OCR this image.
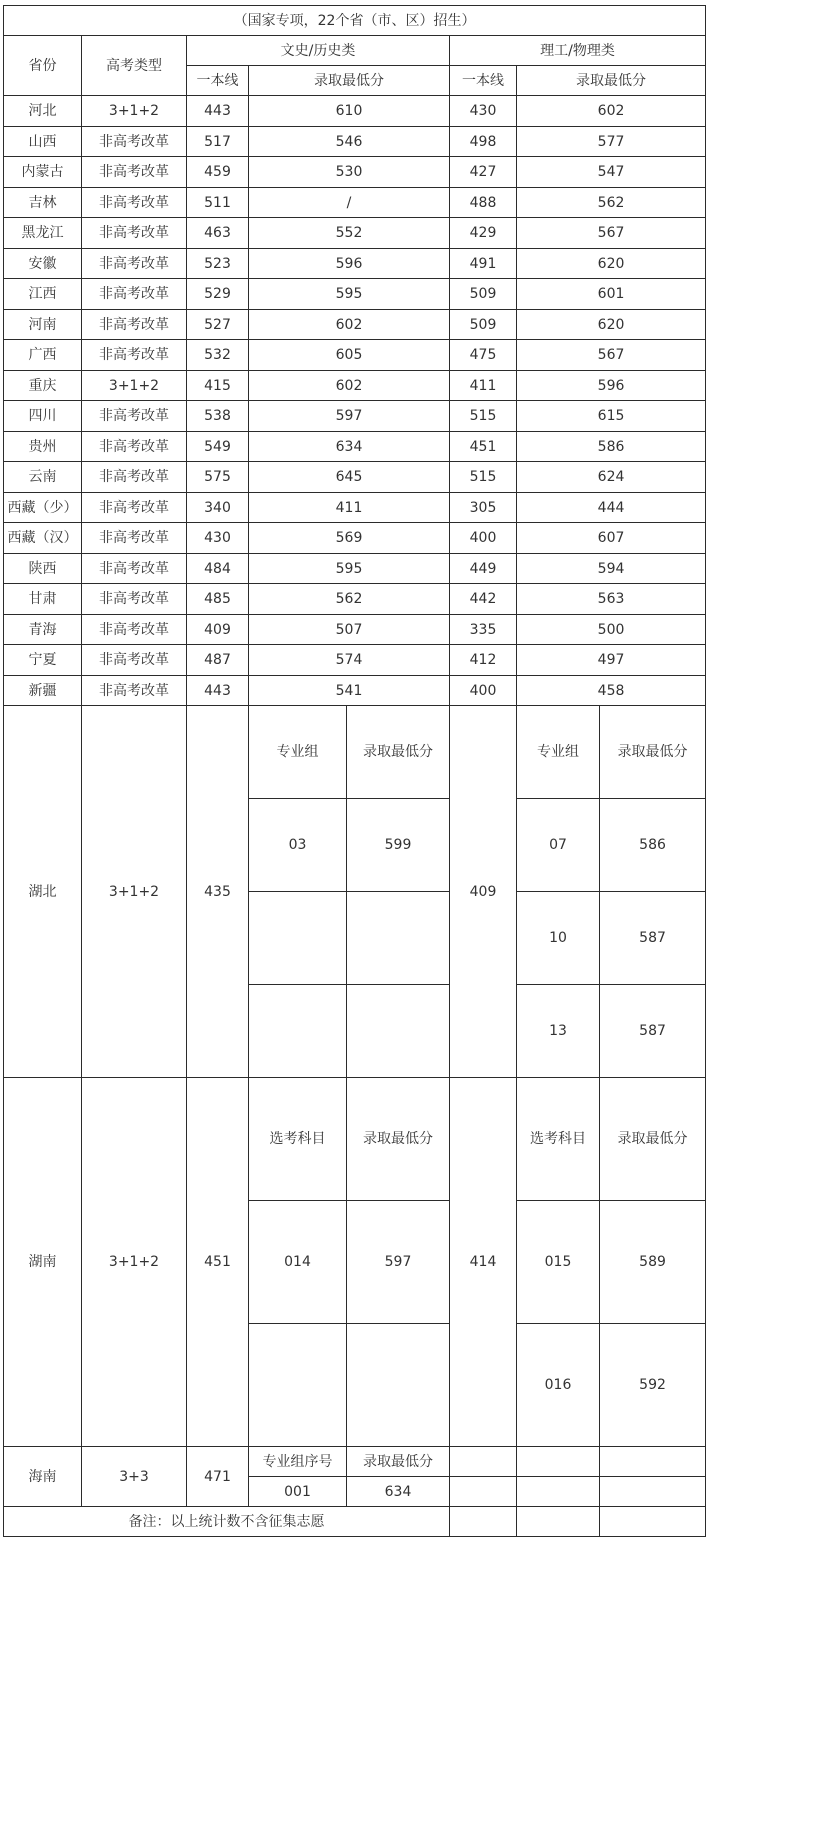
（国家专项，22个省（市、区）招生）							
省份	高考类型	文史/历史类			理工/物理类		
		一本线	录取最低分		一本线	录取最低分	
河北	3+1+2	443	610		430	602	
山西	非高考改革	517	546		498	577	
内蒙古	非高考改革	459	530		427	547	
吉林	非高考改革	511	/		488	562	
黑龙江	非高考改革	463	552		429	567	
安徽	非高考改革	523	596		491	620	
江西	非高考改革	529	595		509	601	
河南	非高考改革	527	602		509	620	
广西	非高考改革	532	605		475	567	
重庆	3+1+2	415	602		411	596	
四川	非高考改革	538	597		515	615	
贵州	非高考改革	549	634		451	586	
云南	非高考改革	575	645		515	624	
西藏（少）	非高考改革	340	411		305	444	
西藏（汉）	非高考改革	430	569		400	607	
陕西	非高考改革	484	595		449	594	
甘肃	非高考改革	485	562		442	563	
青海	非高考改革	409	507		335	500	
宁夏	非高考改革	487	574		412	497	
新疆	非高考改革	443	541		400	458	
湖北	3+1+2	435	专业组	录取最低分	409	专业组	录取最低分
			03	599		07	586
						10	587
						13	587
湖南	3+1+2	451	选考科目	录取最低分	414	选考科目	录取最低分
			014	597		015	589
						016	592
海南	3+3	471	专业组序号	录取最低分			
			001	634			
备注：以上统计数不含征集志愿							
